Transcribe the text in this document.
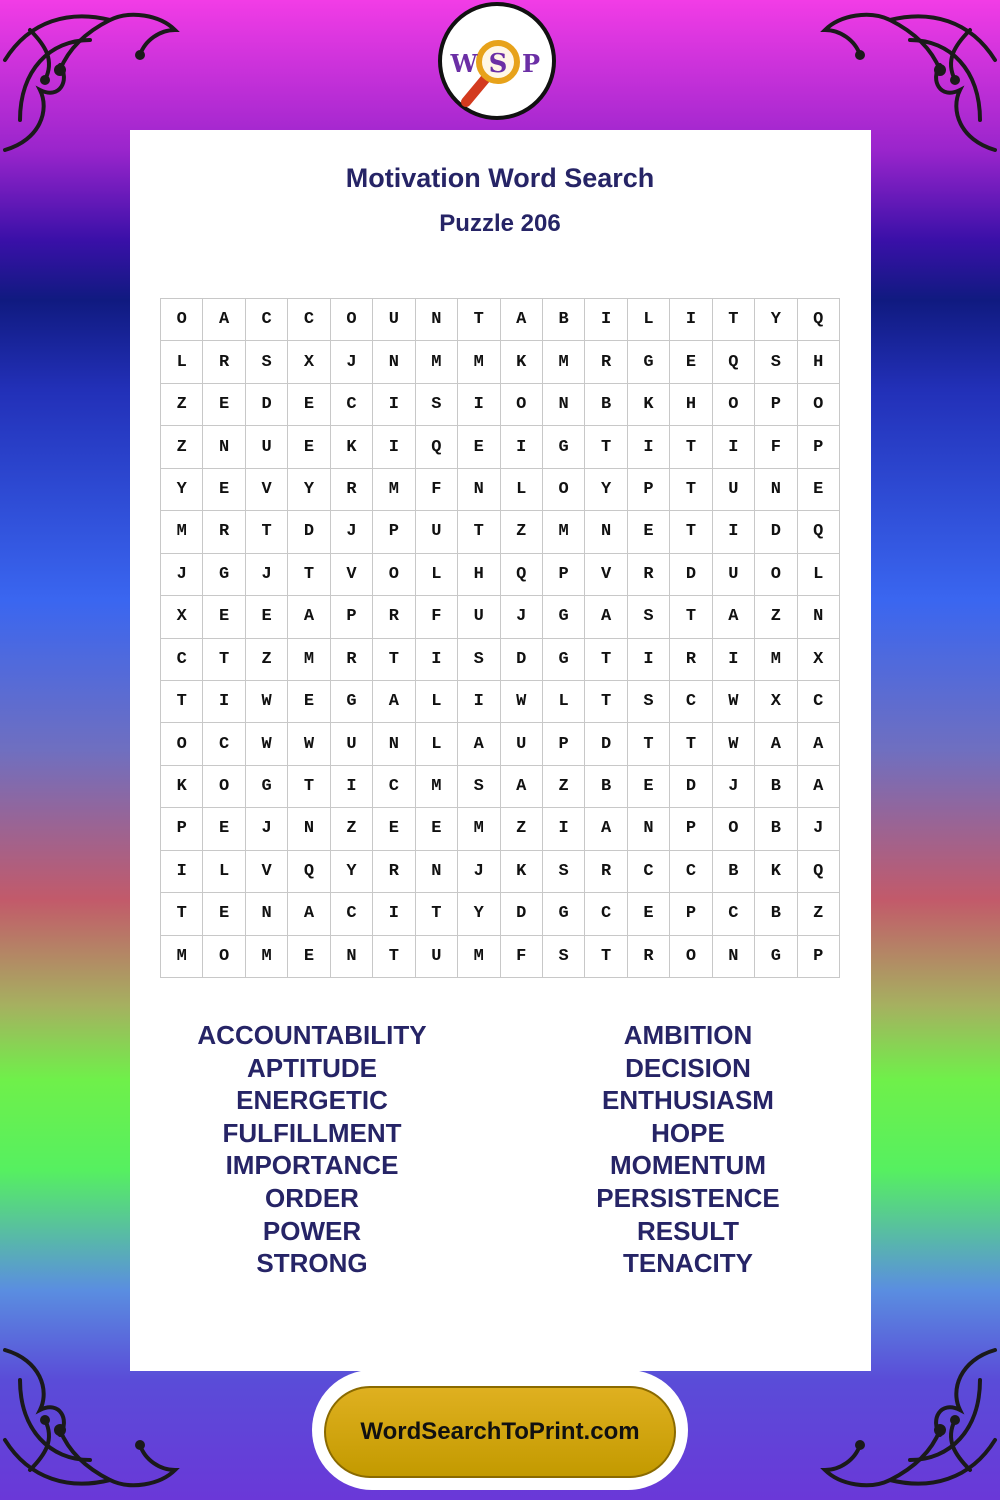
W S P
Motivation Word Search
Puzzle 206
O	A	C	C	O	U	N	T	A	B	I	L	I	T	Y	Q
L	R	S	X	J	N	M	M	K	M	R	G	E	Q	S	H
Z	E	D	E	C	I	S	I	O	N	B	K	H	O	P	O
Z	N	U	E	K	I	Q	E	I	G	T	I	T	I	F	P
Y	E	V	Y	R	M	F	N	L	O	Y	P	T	U	N	E
M	R	T	D	J	P	U	T	Z	M	N	E	T	I	D	Q
J	G	J	T	V	O	L	H	Q	P	V	R	D	U	O	L
X	E	E	A	P	R	F	U	J	G	A	S	T	A	Z	N
C	T	Z	M	R	T	I	S	D	G	T	I	R	I	M	X
T	I	W	E	G	A	L	I	W	L	T	S	C	W	X	C
O	C	W	W	U	N	L	A	U	P	D	T	T	W	A	A
K	O	G	T	I	C	M	S	A	Z	B	E	D	J	B	A
P	E	J	N	Z	E	E	M	Z	I	A	N	P	O	B	J
I	L	V	Q	Y	R	N	J	K	S	R	C	C	B	K	Q
T	E	N	A	C	I	T	Y	D	G	C	E	P	C	B	Z
M	O	M	E	N	T	U	M	F	S	T	R	O	N	G	P
ACCOUNTABILITY
APTITUDE
ENERGETIC
FULFILLMENT
IMPORTANCE
ORDER
POWER
STRONG
AMBITION
DECISION
ENTHUSIASM
HOPE
MOMENTUM
PERSISTENCE
RESULT
TENACITY
WordSearchToPrint.com
